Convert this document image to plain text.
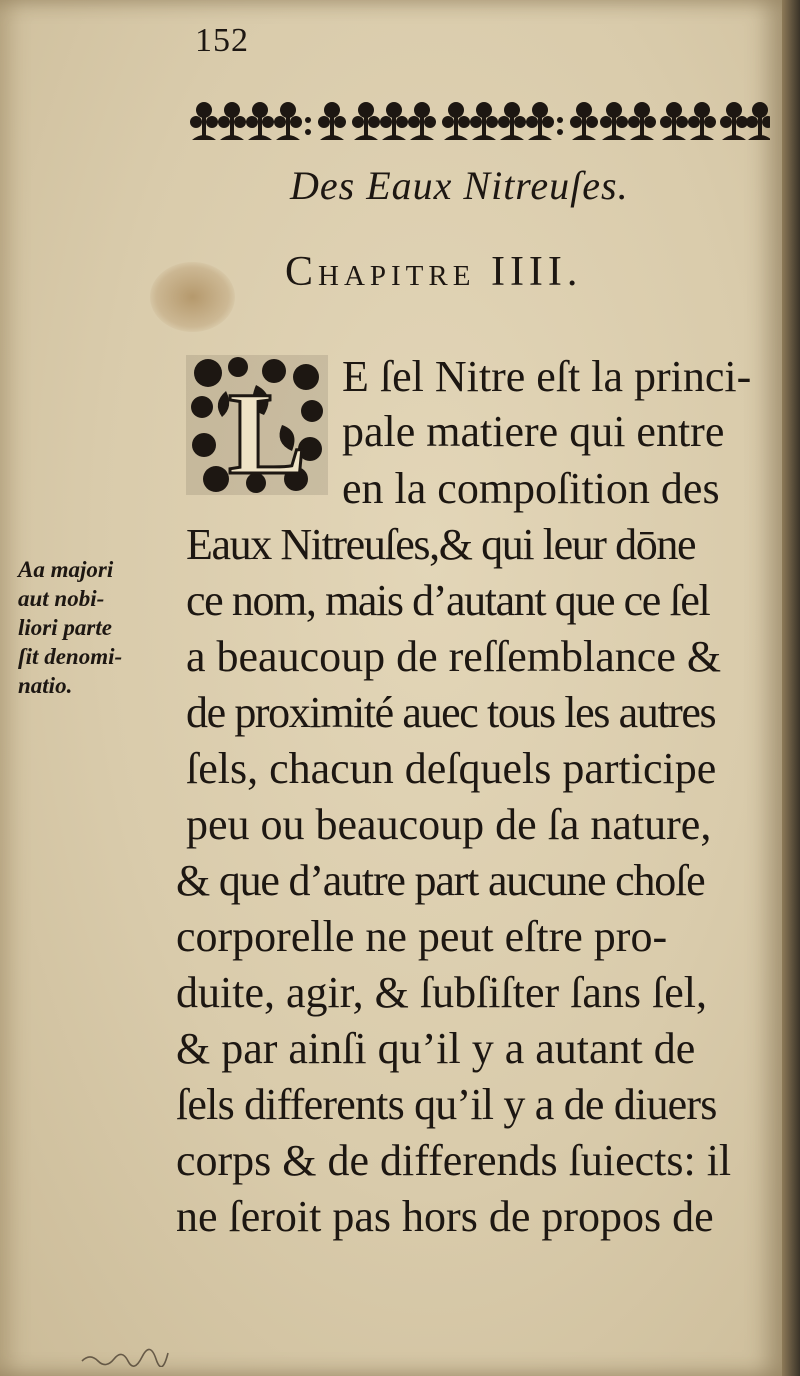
152
Des Eaux Nitreuſes.
Chapitre IIII.
L
Aa majori
aut nobi-
liori parte
ſit denomi-
natio.
E ſel Nitre eſt la princi-
pale matiere qui entre
en la compoſition des
Eaux Nitreuſes,& qui leur dōne
ce nom, mais d’autant que ce ſel
a beaucoup de reſſemblance &
de proximité auec tous les autres
ſels, chacun deſquels participe
peu ou beaucoup de ſa nature,
& que d’autre part aucune choſe
corporelle ne peut eſtre pro-
duite, agir, & ſubſiſter ſans ſel,
& par ainſi qu’il y a autant de
ſels differents qu’il y a de diuers
corps & de differends ſuiects: il
ne ſeroit pas hors de propos de
